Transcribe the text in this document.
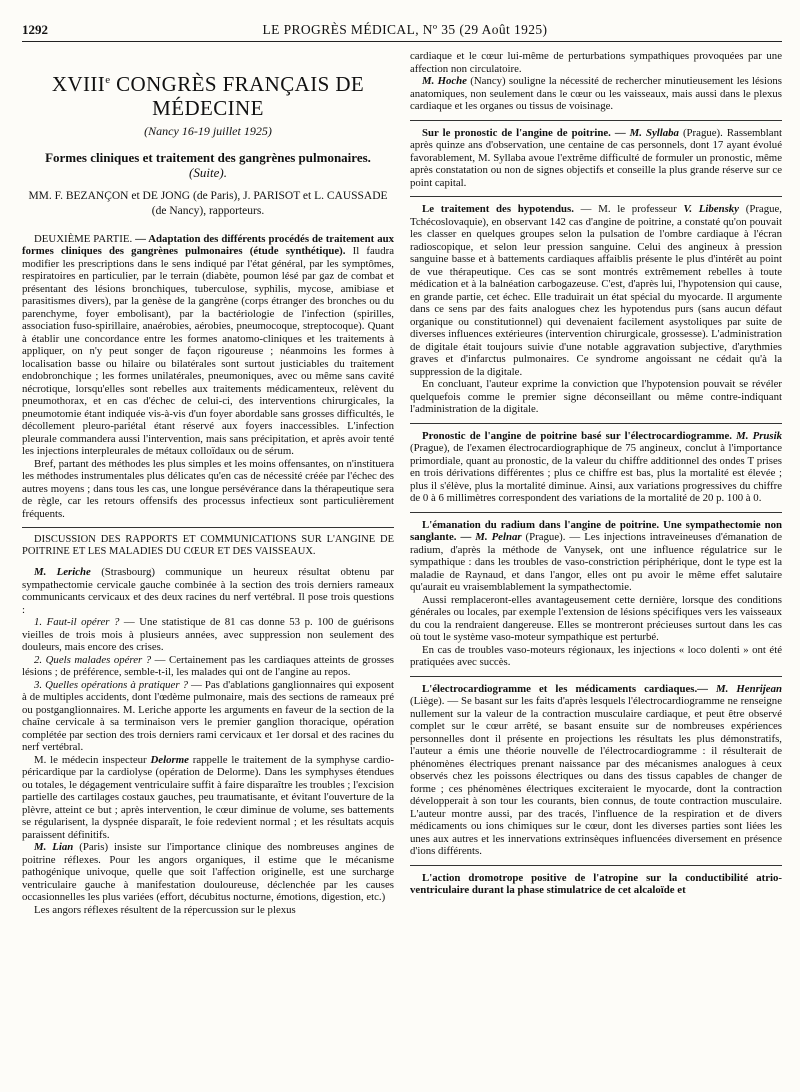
1292	LE PROGRÈS MÉDICAL, Nº 35 (29 Août 1925)
XVIIIe CONGRÈS FRANÇAIS DE MÉDECINE
(Nancy 16-19 juillet 1925)
Formes cliniques et traitement des gangrènes pulmonaires. (Suite).
MM. F. BEZANÇON et DE JONG (de Paris), J. PARISOT et L. CAUSSADE (de Nancy), rapporteurs.

DEUXIÈME PARTIE. — Adaptation des différents procédés de traitement aux formes cliniques des gangrènes pulmonaires (étude synthétique). Il faudra modifier les prescriptions dans le sens indiqué par l'état général, par les symptômes, respiratoires en particulier, par le terrain (diabète, poumon lésé par gaz de combat et présentant des lésions bronchiques, tuberculose, syphilis, mycose, amibiase et parasitismes divers), par la genèse de la gangrène (corps étranger des bronches ou du parenchyme, foyer embolisant), par la bactériologie de l'infection (spirilles, association fuso-spirillaire, anaérobies, aérobies, pneumocoque, streptocoque). Quant à établir une concordance entre les formes anatomo-cliniques et les traitements à appliquer, on n'y peut songer de façon rigoureuse ; néanmoins les formes à localisation basse ou hilaire ou bilatérales sont surtout justiciables du traitement endobronchique ; les formes unilatérales, pneumoniques, avec ou même sans cavité nécrotique, lorsqu'elles sont rebelles aux traitements médicamenteux, relèvent du pneumothorax, et en cas d'échec de celui-ci, des interventions chirurgicales, la pneumotomie étant indiquée vis-à-vis d'un foyer abordable sans grosses difficultés, le décollement pleuro-pariétal étant réservé aux foyers inaccessibles. L'infection pleurale commandera aussi l'intervention, mais sans précipitation, et après avoir tenté les injections interpleurales de métaux colloïdaux ou de sérum.

Bref, partant des méthodes les plus simples et les moins offensantes, on n'instituera les méthodes instrumentales plus délicates qu'en cas de nécessité créée par l'échec des autres moyens ; dans tous les cas, une longue persévérance dans la thérapeutique sera de règle, car les retours offensifs des processus infectieux sont particulièrement fréquents.

DISCUSSION DES RAPPORTS ET COMMUNICATIONS SUR L'ANGINE DE POITRINE ET LES MALADIES DU CŒUR ET DES VAISSEAUX.

M. Leriche (Strasbourg) communique un heureux résultat obtenu par sympathectomie cervicale gauche combinée à la section des trois derniers rameaux communicants cervicaux et des deux racines du nerf vertébral. Il pose trois questions :

1. Faut-il opérer ? — Une statistique de 81 cas donne 53 p. 100 de guérisons vieilles de trois mois à plusieurs années, avec suppression non seulement des douleurs, mais encore des crises.

2. Quels malades opérer ? — Certainement pas les cardiaques atteints de grosses lésions ; de préférence, semble-t-il, les malades qui ont de l'angine au repos.

3. Quelles opérations à pratiquer ? — Pas d'ablations ganglionnaires qui exposent à de multiples accidents, dont l'œdème pulmonaire, mais des sections de rameaux pré ou postganglionnaires. M. Leriche apporte les arguments en faveur de la section de la chaîne cervicale à sa terminaison vers le premier ganglion thoracique, opération complétée par section des trois derniers rami cervicaux et 1er dorsal et des racines du nerf vertébral.

M. le médecin inspecteur Delorme rappelle le traitement de la symphyse cardio-péricardique par la cardiolyse (opération de Delorme). Dans les symphyses étendues ou totales, le dégagement ventriculaire suffit à faire disparaître les troubles ; l'excision partielle des cartilages costaux gauches, peu traumatisante, et évitant l'ouverture de la plèvre, atteint ce but ; après intervention, le cœur diminue de volume, ses battements se régularisent, la dyspnée disparaît, le foie redevient normal ; et les résultats acquis paraissent définitifs.

M. Lian (Paris) insiste sur l'importance clinique des nombreuses angines de poitrine réflexes. Pour les angors organiques, il estime que le mécanisme pathogénique univoque, quelle que soit l'affection originelle, est une surcharge ventriculaire gauche à manifestation douloureuse, déclenchée par les causes occasionnelles les plus variées (effort, décubitus nocturne, émotions, digestion, etc.)

Les angors réflexes résultent de la répercussion sur le plexus

cardiaque et le cœur lui-même de perturbations sympathiques provoquées par une affection non circulatoire.

M. Hoche (Nancy) souligne la nécessité de rechercher minutieusement les lésions anatomiques, non seulement dans le cœur ou les vaisseaux, mais aussi dans le plexus cardiaque et les organes ou tissus de voisinage.

Sur le pronostic de l'angine de poitrine. — M. Syllaba (Prague). Rassemblant après quinze ans d'observation, une centaine de cas personnels, dont 17 ayant évolué favorablement, M. Syllaba avoue l'extrême difficulté de formuler un pronostic, même après constatation ou non de signes objectifs et conseille la plus grande réserve sur ce point capital.

Le traitement des hypotendus. — M. le professeur V. Libensky (Prague, Tchécoslovaquie), en observant 142 cas d'angine de poitrine, a constaté qu'on pouvait les classer en quelques groupes selon la pulsation de l'ombre cardiaque à l'écran radioscopique, et selon leur pression sanguine. Celui des angineux à pression sanguine basse et à battements cardiaques affaiblis présente le plus d'intérêt au point de vue thérapeutique. Ces cas se sont montrés extrêmement rebelles à toute médication et à la balnéation carbogazeuse. C'est, d'après lui, l'hypotension qui cause, en grande partie, cet échec. Elle traduirait un état spécial du myocarde. Il argumente dans ce sens par des faits analogues chez les hypotendus purs (sans aucun défaut organique ou constitutionnel) qui devenaient facilement asystoliques par suite de diverses influences extérieures (intervention chirurgicale, grossesse). L'administration de digitale était toujours suivie d'une notable aggravation subjective, d'arythmies graves et d'infarctus pulmonaires. Ce syndrome angoissant ne cédait qu'à la suppression de la digitale.

En concluant, l'auteur exprime la conviction que l'hypotension pouvait se révéler quelquefois comme le premier signe déconseillant ou même contre-indiquant l'administration de la digitale.

Pronostic de l'angine de poitrine basé sur l'électrocardiogramme. M. Prusik (Prague), de l'examen électrocardiographique de 75 angineux, conclut à l'importance primordiale, quant au pronostic, de la valeur du chiffre additionnel des ondes T prises en trois dérivations différentes ; plus ce chiffre est bas, plus la mortalité est élevée ; plus il s'élève, plus la mortalité diminue. Ainsi, aux variations progressives du chiffre de 0 à 6 millimètres correspondent des variations de la mortalité de 20 p. 100 à 0.

L'émanation du radium dans l'angine de poitrine. Une sympathectomie non sanglante. — M. Pelnar (Prague). — Les injections intraveineuses d'émanation de radium, d'après la méthode de Vanysek, ont une influence régulatrice sur le sympathique : dans les troubles de vaso-constriction périphérique, dont le type est la maladie de Raynaud, et dans l'angor, elles ont pu avoir le même effet salutaire qu'aurait eu vraisemblablement la sympathectomie.

Aussi remplaceront-elles avantageusement cette dernière, lorsque des conditions générales ou locales, par exemple l'extension de lésions spécifiques vers les vaisseaux du cou la rendraient dangereuse. Elles se montreront précieuses surtout dans les cas où tout le système vaso-moteur sympathique est perturbé.

En cas de troubles vaso-moteurs régionaux, les injections « loco dolenti » ont été pratiquées avec succès.

L'électrocardiogramme et les médicaments cardiaques.— M. Henrijean (Liège). — Se basant sur les faits d'après lesquels l'électrocardiogramme ne renseigne nullement sur la valeur de la contraction musculaire cardiaque, et peut être observé complet sur le cœur arrêté, se basant ensuite sur de nombreuses expériences personnelles dont il présente en projections les résultats les plus démonstratifs, l'auteur a émis une théorie nouvelle de l'électrocardiogramme : il résulterait de phénomènes électriques prenant naissance par des mécanismes analogues à ceux observés chez les poissons électriques ou dans des tissus capables de changer de forme ; ces phénomènes électriques exciteraient le myocarde, dont la contraction développerait à son tour les courants, bien connus, de toute contraction musculaire. L'auteur montre aussi, par des tracés, l'influence de la respiration et de divers médicaments ou ions chimiques sur le cœur, dont les diverses parties sont liées les unes aux autres et les innervations extrinsèques influencées diversement en présence d'ions différents.

L'action dromotrope positive de l'atropine sur la conductibilité atrio-ventriculaire durant la phase stimulatrice de cet alcaloïde et
